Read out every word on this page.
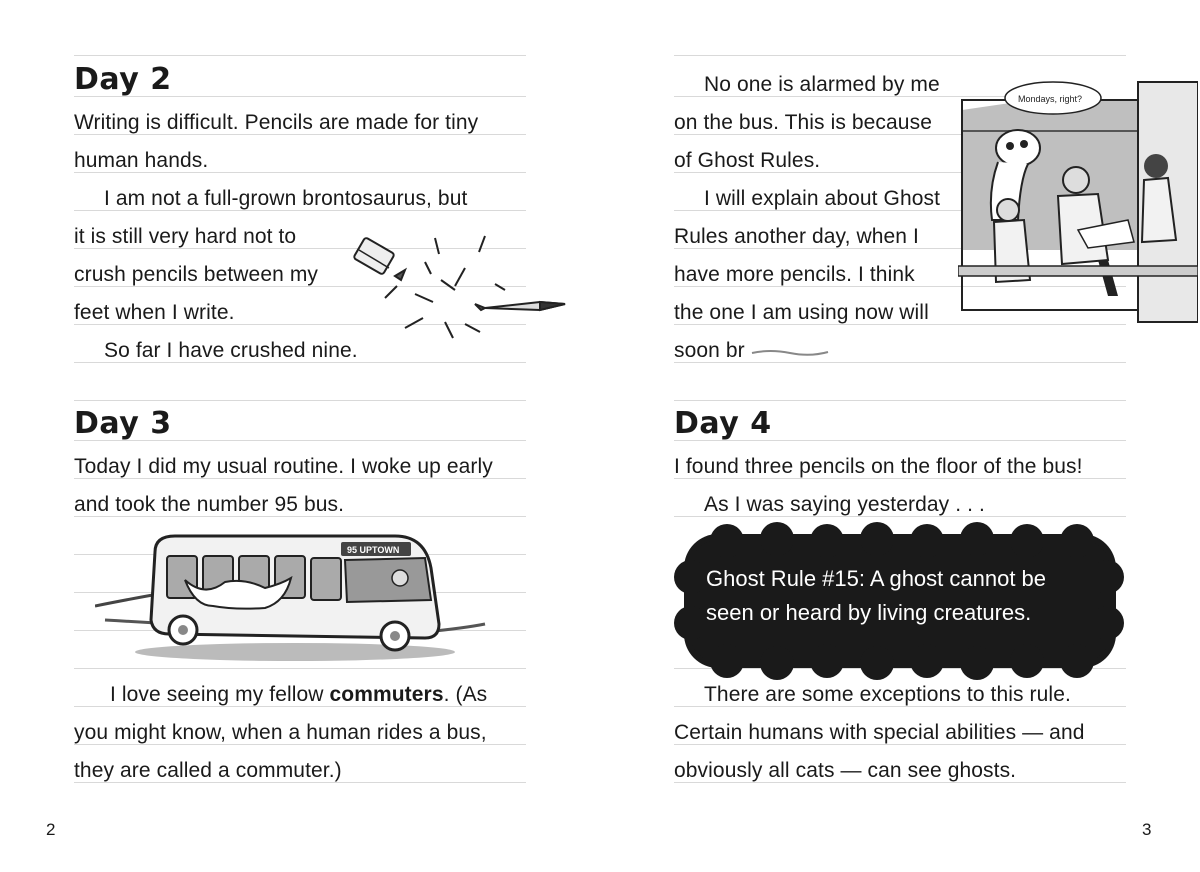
Day 2
Writing is difficult. Pencils are made for tiny
human hands.
I am not a full-grown brontosaurus, but
it is still very hard not to
crush pencils between my
feet when I write.
So far I have crushed nine.
Day 3
Today I did my usual routine. I woke up early
and took the number 95 bus.
95 UPTOWN
I love seeing my fellow commuters. (As
you might know, when a human rides a bus,
they are called a commuter.)
2
No one is alarmed by me
on the bus. This is because
of Ghost Rules.
I will explain about Ghost
Rules another day, when I
have more pencils. I think
the one I am using now will
soon br
Mondays, right?
Day 4
I found three pencils on the floor of the bus!
As I was saying yesterday . . .
Ghost Rule #15: A ghost cannot be
seen or heard by living creatures.
There are some exceptions to this rule.
Certain humans with special abilities — and
obviously all cats — can see ghosts.
3
